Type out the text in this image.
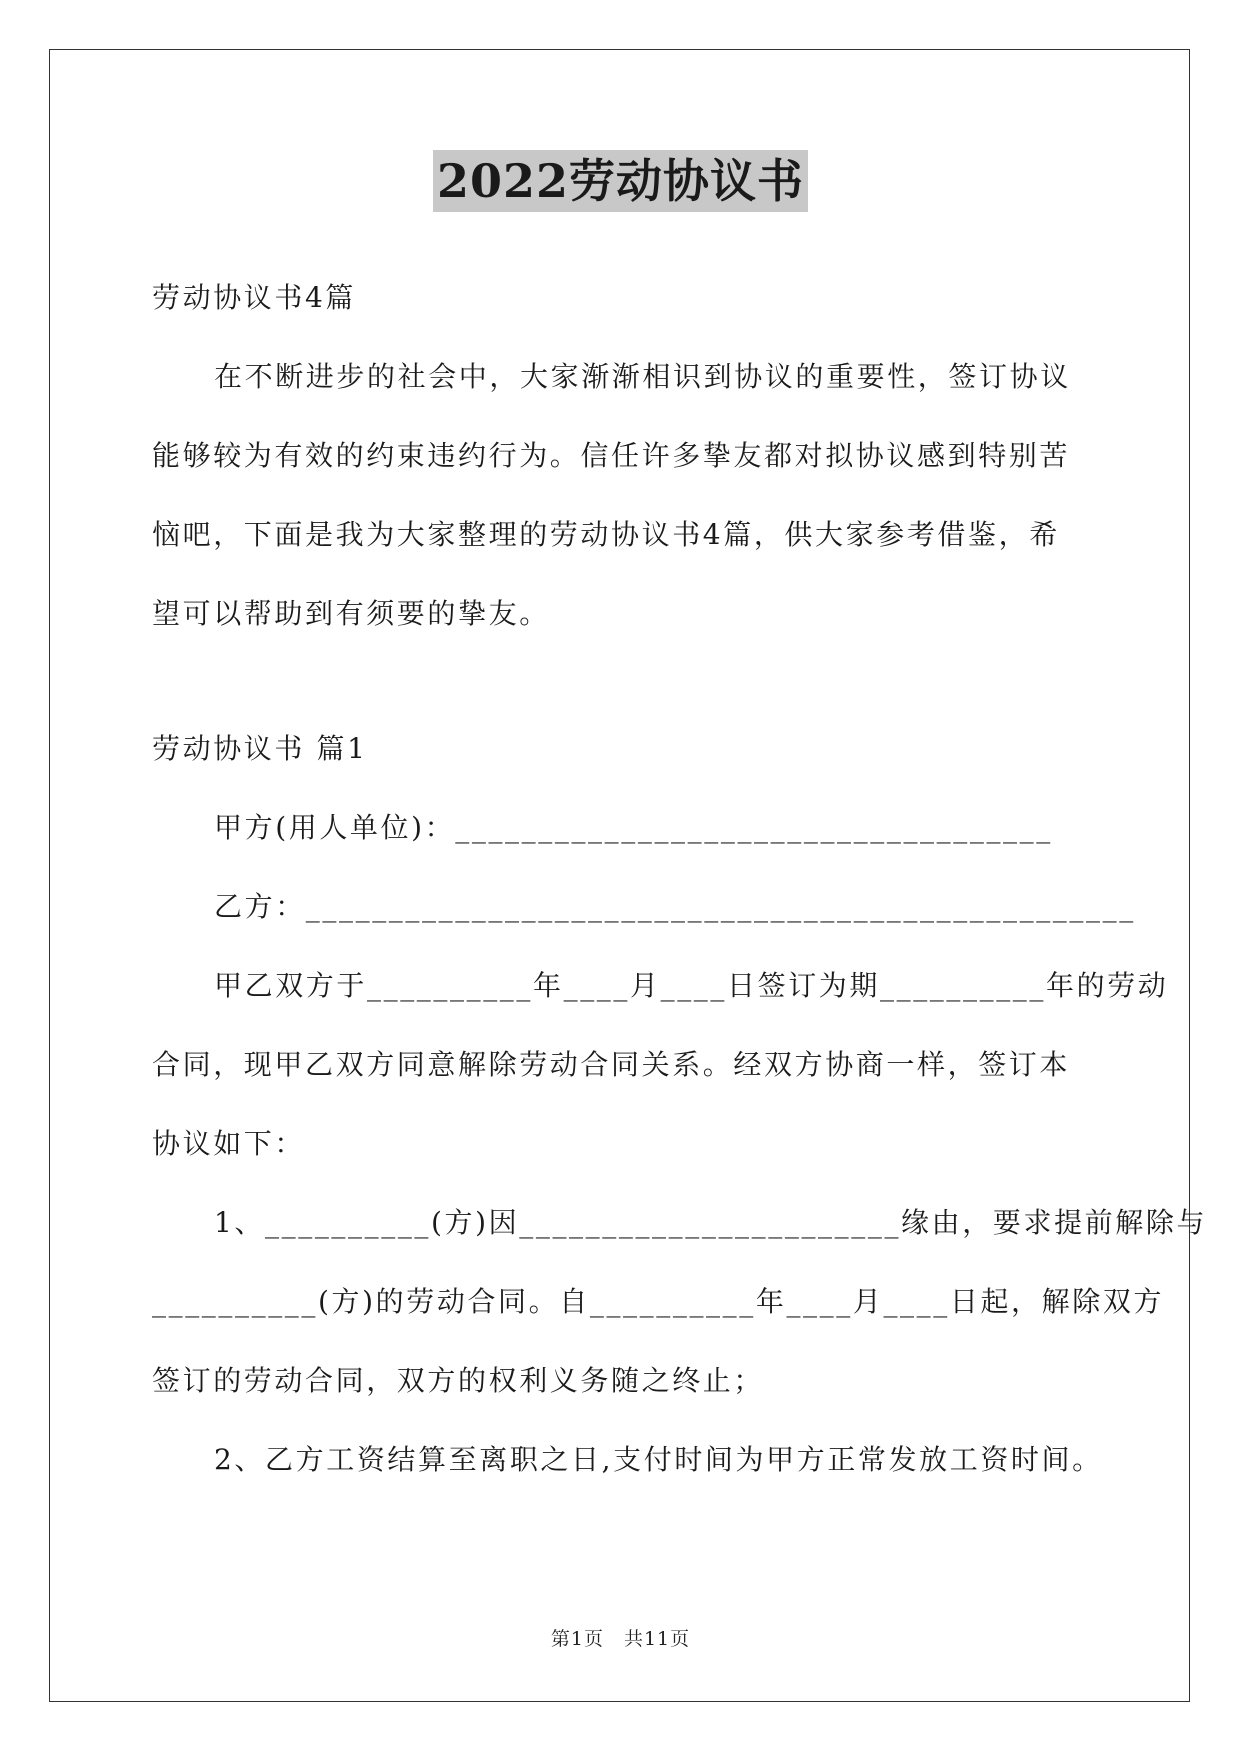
2022劳动协议书

劳动协议书4篇

在不断进步的社会中，大家渐渐相识到协议的重要性，签订协议

能够较为有效的约束违约行为。信任许多挚友都对拟协议感到特别苦

恼吧，下面是我为大家整理的劳动协议书4篇，供大家参考借鉴，希

望可以帮助到有须要的挚友。

劳动协议书 篇1

甲方(用人单位)：____________________________________

乙方：__________________________________________________

甲乙双方于__________年____月____日签订为期__________年的劳动

合同，现甲乙双方同意解除劳动合同关系。经双方协商一样，签订本

协议如下：

1、__________(方)因_______________________缘由，要求提前解除与

__________(方)的劳动合同。自__________年____月____日起，解除双方

签订的劳动合同，双方的权利义务随之终止；

2、乙方工资结算至离职之日,支付时间为甲方正常发放工资时间。

第1页 共11页
